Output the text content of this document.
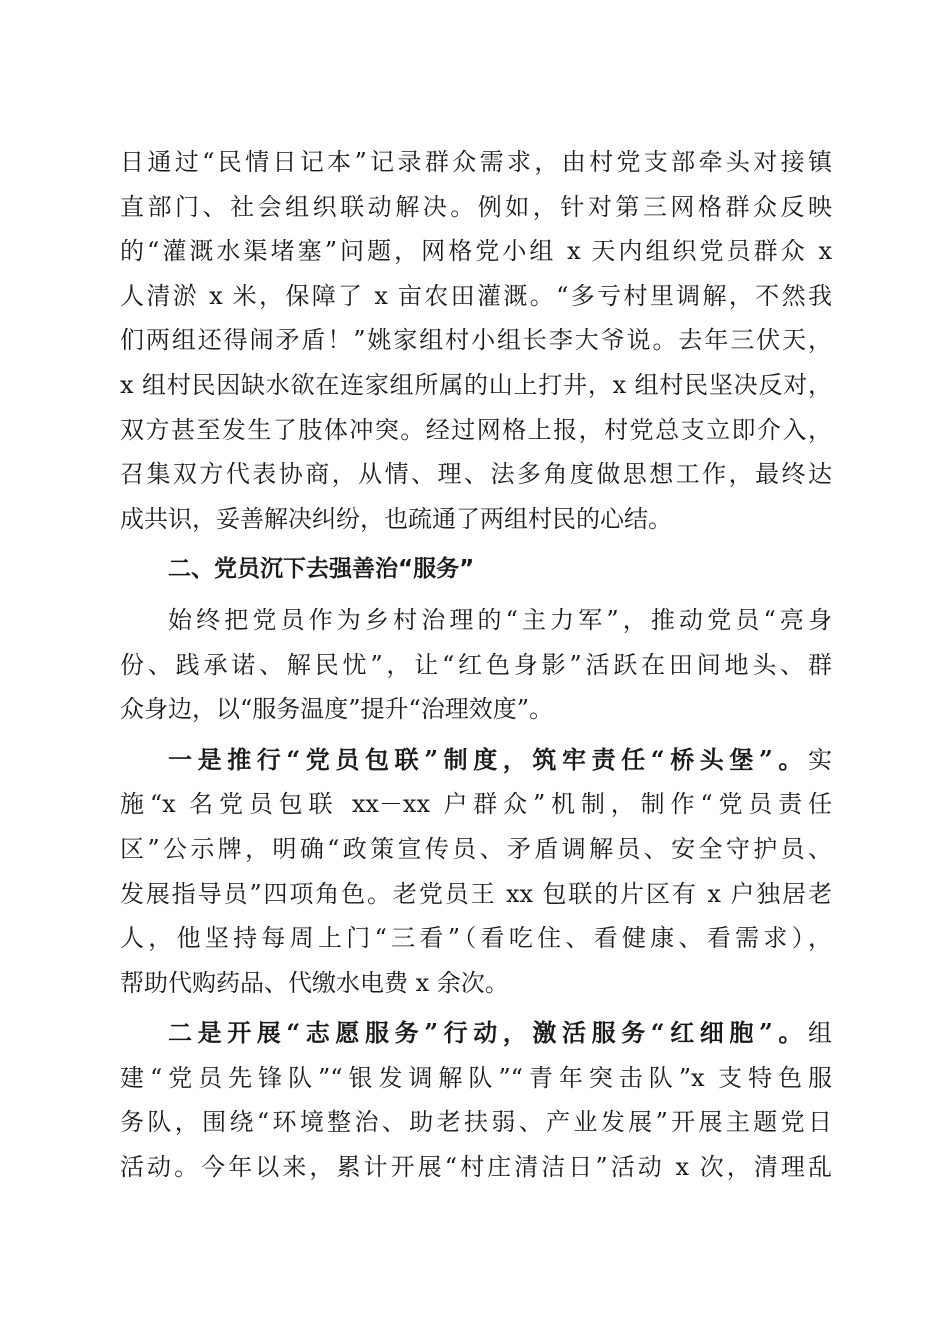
日通过“民情日记本”记录群众需求，由村党支部牵头对接镇
直部门、社会组织联动解决。例如，针对第三网格群众反映
的“灌溉水渠堵塞”问题，网格党小组 x 天内组织党员群众 x
人清淤 x 米，保障了 x 亩农田灌溉。“多亏村里调解，不然我
们两组还得闹矛盾！”姚家组村小组长李大爷说。去年三伏天，
x 组村民因缺水欲在连家组所属的山上打井，x 组村民坚决反对，
双方甚至发生了肢体冲突。经过网格上报，村党总支立即介入，
召集双方代表协商，从情、理、法多角度做思想工作，最终达
成共识，妥善解决纠纷，也疏通了两组村民的心结。
二、党员沉下去强善治“服务”
始终把党员作为乡村治理的“主力军”，推动党员“亮身
份、践承诺、解民忧”，让“红色身影”活跃在田间地头、群
众身边，以“服务温度”提升“治理效度”。
一是推行“党员包联”制度，筑牢责任“桥头堡”。实
施“x 名党员包联 xx－xx 户群众”机制，制作“党员责任
区”公示牌，明确“政策宣传员、矛盾调解员、安全守护员、
发展指导员”四项角色。老党员王 xx 包联的片区有 x 户独居老
人，他坚持每周上门“三看”（看吃住、看健康、看需求），
帮助代购药品、代缴水电费 x 余次。
二是开展“志愿服务”行动，激活服务“红细胞”。组
建“党员先锋队”“银发调解队”“青年突击队”x 支特色服
务队，围绕“环境整治、助老扶弱、产业发展”开展主题党日
活动。今年以来，累计开展“村庄清洁日”活动 x 次，清理乱
